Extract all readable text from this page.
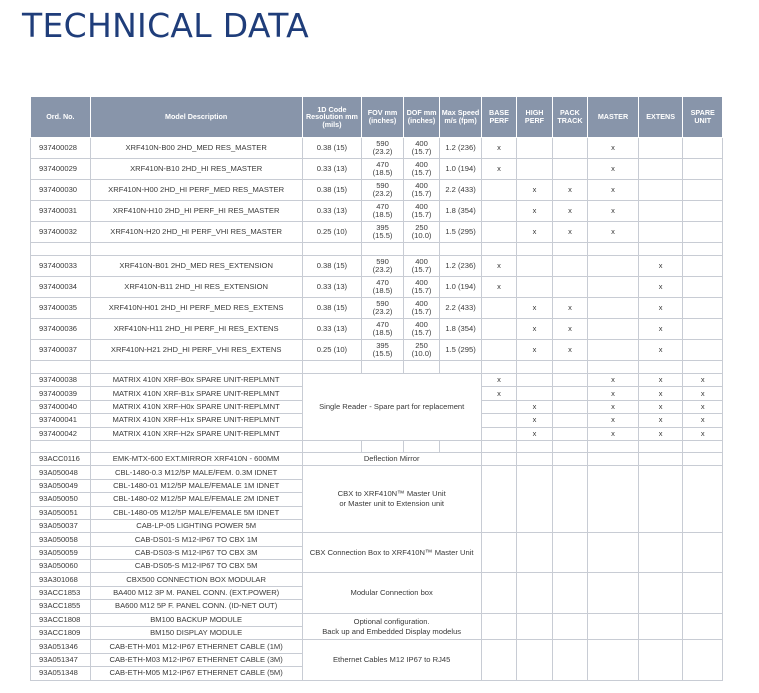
TECHNICAL DATA
Ord. No.	Model Description	1D Code Resolution mm (mils)	FOV mm (inches)	DOF mm (inches)	Max Speed m/s (fpm)	BASE PERF	HIGH PERF	PACK TRACK	MASTER	EXTENS	SPARE UNIT
937400028	XRF410N-B00 2HD_MED RES_MASTER	0.38 (15)	590
(23.2)	400
(15.7)	1.2 (236)	x			x		
937400029	XRF410N-B10 2HD_HI RES_MASTER	0.33 (13)	470
(18.5)	400
(15.7)	1.0 (194)	x			x		
937400030	XRF410N-H00 2HD_HI PERF_MED RES_MASTER	0.38 (15)	590
(23.2)	400
(15.7)	2.2 (433)		x	x	x		
937400031	XRF410N-H10 2HD_HI PERF_HI RES_MASTER	0.33 (13)	470
(18.5)	400
(15.7)	1.8 (354)		x	x	x		
937400032	XRF410N-H20 2HD_HI PERF_VHI RES_MASTER	0.25 (10)	395
(15.5)	250
(10.0)	1.5 (295)		x	x	x		

937400033	XRF410N-B01 2HD_MED RES_EXTENSION	0.38 (15)	590
(23.2)	400
(15.7)	1.2 (236)	x				x	
937400034	XRF410N-B11 2HD_HI RES_EXTENSION	0.33 (13)	470
(18.5)	400
(15.7)	1.0 (194)	x				x	
937400035	XRF410N-H01 2HD_HI PERF_MED RES_EXTENS	0.38 (15)	590
(23.2)	400
(15.7)	2.2 (433)		x	x		x	
937400036	XRF410N-H11 2HD_HI PERF_HI RES_EXTENS	0.33 (13)	470
(18.5)	400
(15.7)	1.8 (354)		x	x		x	
937400037	XRF410N-H21 2HD_HI PERF_VHI RES_EXTENS	0.25 (10)	395
(15.5)	250
(10.0)	1.5 (295)		x	x		x	

937400038	MATRIX 410N XRF-B0x SPARE UNIT-REPLMNT	Single Reader - Spare part for replacement				x			x	x	x
937400039	MATRIX 410N XRF-B1x SPARE UNIT-REPLMNT					x			x	x	x
937400040	MATRIX 410N XRF-H0x SPARE UNIT-REPLMNT						x		x	x	x
937400041	MATRIX 410N XRF-H1x SPARE UNIT-REPLMNT						x		x	x	x
937400042	MATRIX 410N XRF-H2x SPARE UNIT-REPLMNT						x		x	x	x

93ACC0116	EMK-MTX-600 EXT.MIRROR XRF410N - 600MM	Deflection Mirror									
93A050048	CBL-1480-0.3 M12/5P MALE/FEM. 0.3M IDNET	CBX to XRF410N™ Master Unit
or Master unit to Extension unit									
93A050049	CBL-1480-01 M12/5P MALE/FEMALE 1M IDNET										
93A050050	CBL-1480-02 M12/5P MALE/FEMALE 2M IDNET										
93A050051	CBL-1480-05 M12/5P MALE/FEMALE 5M IDNET										
93A050037	CAB-LP-05 LIGHTING POWER 5M										
93A050058	CAB-DS01-S M12-IP67 TO CBX 1M	CBX Connection Box to XRF410N™ Master Unit									
93A050059	CAB-DS03-S M12-IP67 TO CBX 3M										
93A050060	CAB-DS05-S M12-IP67 TO CBX 5M										
93A301068	CBX500 CONNECTION BOX MODULAR	Modular Connection box									
93ACC1853	BA400 M12 3P M. PANEL CONN. (EXT.POWER)										
93ACC1855	BA600 M12 5P F. PANEL CONN. (ID-NET OUT)										
93ACC1808	BM100 BACKUP MODULE	Optional configuration.
Back up and Embedded Display modelus									
93ACC1809	BM150 DISPLAY MODULE										
93A051346	CAB-ETH-M01 M12-IP67 ETHERNET CABLE (1M)	Ethernet Cables M12 IP67 to RJ45									
93A051347	CAB-ETH-M03 M12-IP67 ETHERNET CABLE (3M)										
93A051348	CAB-ETH-M05 M12-IP67 ETHERNET CABLE (5M)										
